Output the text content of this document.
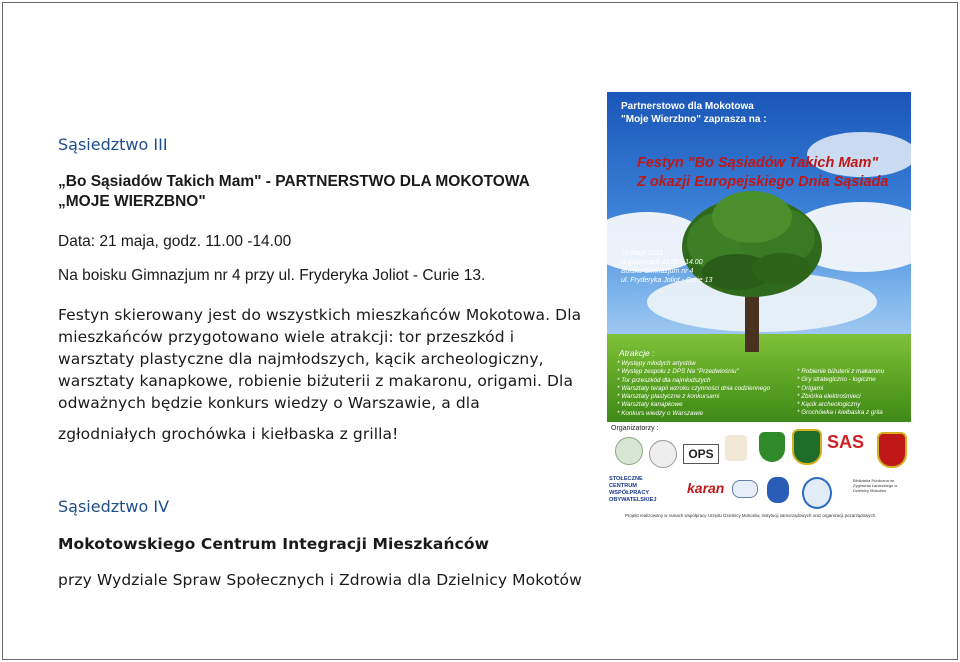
Sąsiedztwo III
„Bo Sąsiadów Takich Mam" - PARTNERSTWO DLA MOKOTOWA
„MOJE WIERZBNO"
Data: 21 maja, godz. 11.00 -14.00
Na boisku Gimnazjum nr 4 przy ul. Fryderyka Joliot - Curie 13.
Festyn skierowany jest do wszystkich mieszkańców Mokotowa. Dla
mieszkańców przygotowano wiele atrakcji: tor przeszkód i
warsztaty plastyczne dla najmłodszych, kącik archeologiczny,
warsztaty kanapkowe, robienie biżuterii z makaronu, origami. Dla
odważnych będzie konkurs wiedzy o Warszawie, a dla
zgłodniałych grochówka i kiełbaska z grilla!
Sąsiedztwo IV
Mokotowskiego Centrum Integracji Mieszkańców
przy Wydziale Spraw Społecznych i Zdrowia dla Dzielnicy Mokotów
Partnerstowo dla Mokotowa
"Moje Wierzbno" zaprasza na :
Festyn "Bo Sąsiadów Takich Mam"
Z okazji Europejskiego Dnia Sąsiada
21 Maja 2011
w godzinach 11.00 - 14.00
Boisko Gimnazjum nr 4
ul. Fryderyka Joliot - Curie 13
Atrakcje :
* Występy młodych artystów
* Występ zespołu z DPS Na "Przedwiośniu"
* Tor przeszkód dla najmłodszych
* Warsztaty terapii wzroku czynności dnia codziennego
* Warsztaty plastyczne z konkursami
* Warsztaty kanapkowe
* Konkurs wiedzy o Warszawie
* Robienie biżuterii z makaronu
* Gry strategiczno - logiczne
* Origami
* Zbiórka elektrośmieci
* Kącik archeologiczny
* Grochówka i kiełbaska z grila
Organizatorzy :
OPS
SAS
STOŁECZNE CENTRUM WSPÓŁPRACY OBYWATELSKIEJ
karan	Biblioteka Publiczna im. Zygmunta Łanieckiego w Dzielnicy Mokotów
Projekt realizowany w ramach współpracy Urzędu Dzielnicy Mokotów, instytucji samorządowych oraz organizacji pozarządowych.
